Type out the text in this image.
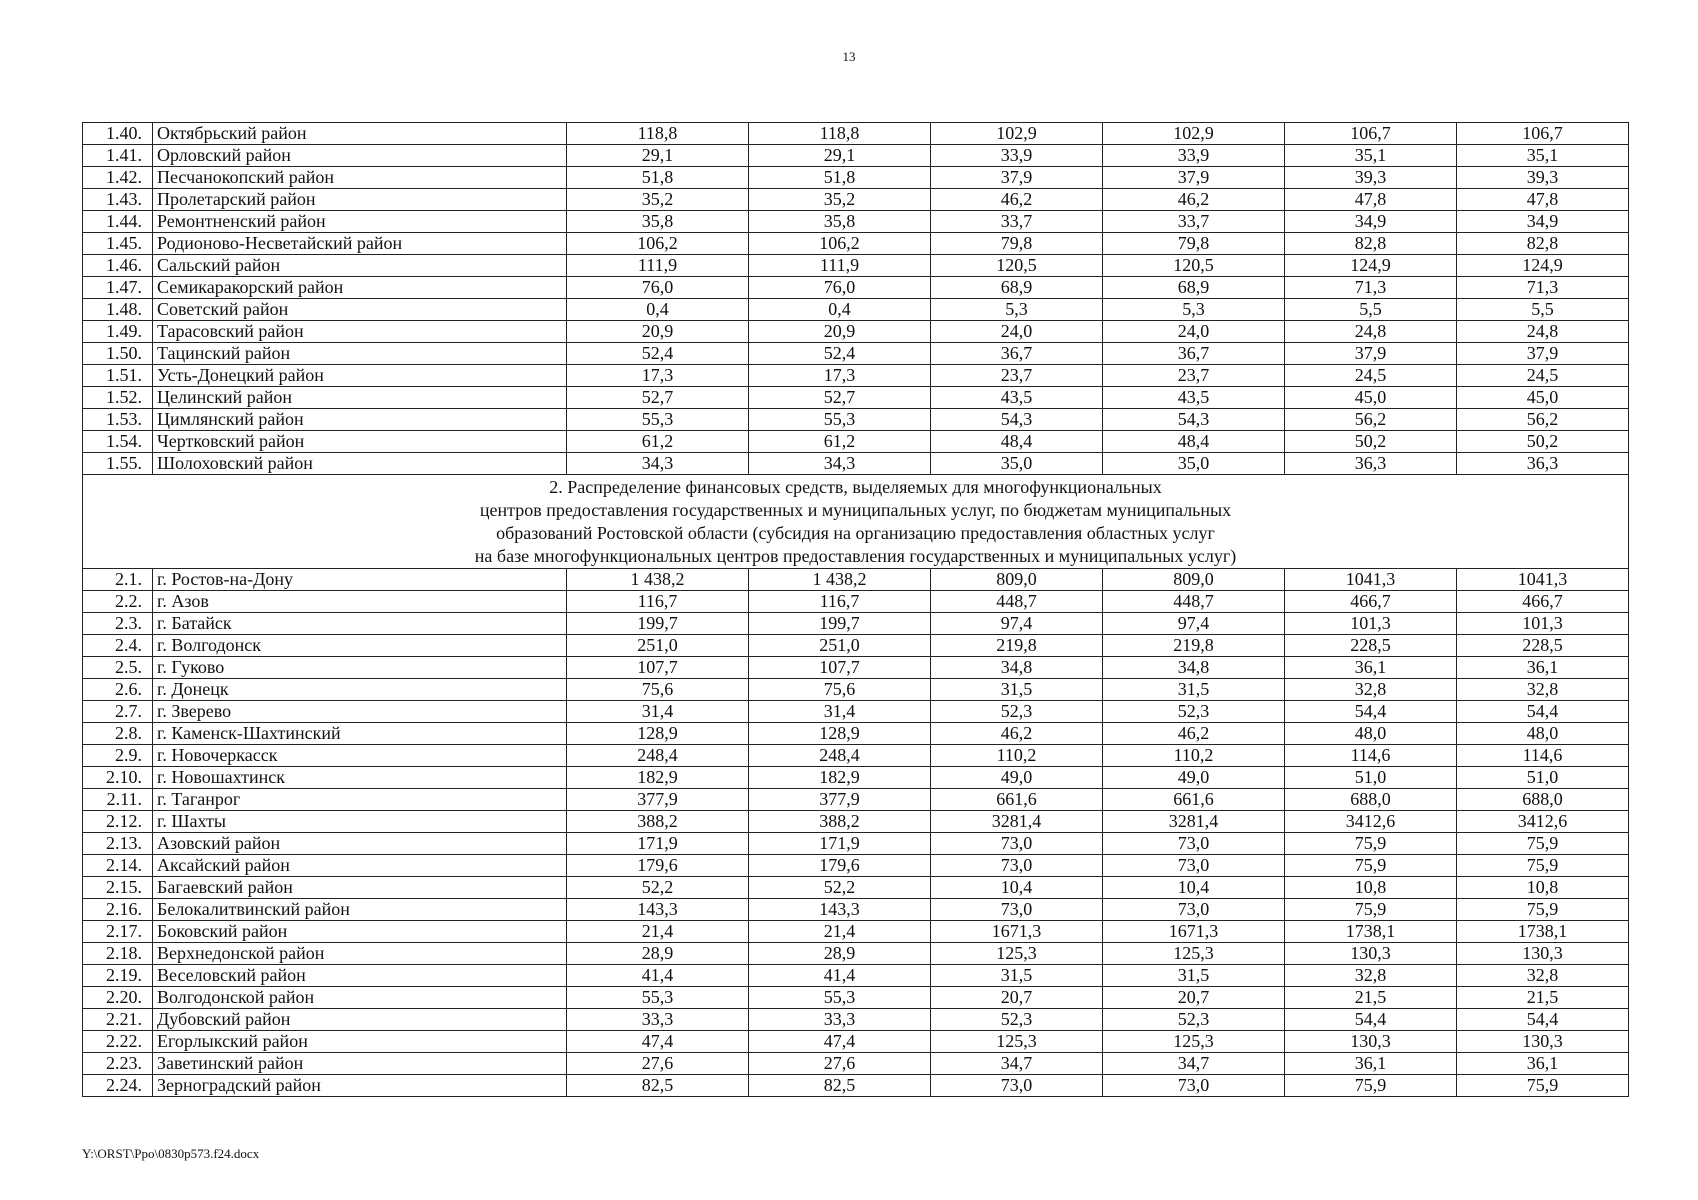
13
1.40.	Октябрьский район	118,8	118,8	102,9	102,9	106,7	106,7
1.41.	Орловский район	29,1	29,1	33,9	33,9	35,1	35,1
1.42.	Песчанокопский район	51,8	51,8	37,9	37,9	39,3	39,3
1.43.	Пролетарский район	35,2	35,2	46,2	46,2	47,8	47,8
1.44.	Ремонтненский район	35,8	35,8	33,7	33,7	34,9	34,9
1.45.	Родионово-Несветайский район	106,2	106,2	79,8	79,8	82,8	82,8
1.46.	Сальский район	111,9	111,9	120,5	120,5	124,9	124,9
1.47.	Семикаракорский район	76,0	76,0	68,9	68,9	71,3	71,3
1.48.	Советский район	0,4	0,4	5,3	5,3	5,5	5,5
1.49.	Тарасовский район	20,9	20,9	24,0	24,0	24,8	24,8
1.50.	Тацинский район	52,4	52,4	36,7	36,7	37,9	37,9
1.51.	Усть-Донецкий район	17,3	17,3	23,7	23,7	24,5	24,5
1.52.	Целинский район	52,7	52,7	43,5	43,5	45,0	45,0
1.53.	Цимлянский район	55,3	55,3	54,3	54,3	56,2	56,2
1.54.	Чертковский район	61,2	61,2	48,4	48,4	50,2	50,2
1.55.	Шолоховский район	34,3	34,3	35,0	35,0	36,3	36,3

2. Распределение финансовых средств, выделяемых для многофункциональных
центров предоставления государственных и муниципальных услуг, по бюджетам муниципальных
образований Ростовской области (субсидия на организацию предоставления областных услуг
на базе многофункциональных центров предоставления государственных и муниципальных услуг)							

2.1.	г. Ростов-на-Дону	1 438,2	1 438,2	809,0	809,0	1041,3	1041,3
2.2.	г. Азов	116,7	116,7	448,7	448,7	466,7	466,7
2.3.	г. Батайск	199,7	199,7	97,4	97,4	101,3	101,3
2.4.	г. Волгодонск	251,0	251,0	219,8	219,8	228,5	228,5
2.5.	г. Гуково	107,7	107,7	34,8	34,8	36,1	36,1
2.6.	г. Донецк	75,6	75,6	31,5	31,5	32,8	32,8
2.7.	г. Зверево	31,4	31,4	52,3	52,3	54,4	54,4
2.8.	г. Каменск-Шахтинский	128,9	128,9	46,2	46,2	48,0	48,0
2.9.	г. Новочеркасск	248,4	248,4	110,2	110,2	114,6	114,6
2.10.	г. Новошахтинск	182,9	182,9	49,0	49,0	51,0	51,0
2.11.	г. Таганрог	377,9	377,9	661,6	661,6	688,0	688,0
2.12.	г. Шахты	388,2	388,2	3281,4	3281,4	3412,6	3412,6
2.13.	Азовский район	171,9	171,9	73,0	73,0	75,9	75,9
2.14.	Аксайский район	179,6	179,6	73,0	73,0	75,9	75,9
2.15.	Багаевский район	52,2	52,2	10,4	10,4	10,8	10,8
2.16.	Белокалитвинский район	143,3	143,3	73,0	73,0	75,9	75,9
2.17.	Боковский район	21,4	21,4	1671,3	1671,3	1738,1	1738,1
2.18.	Верхнедонской район	28,9	28,9	125,3	125,3	130,3	130,3
2.19.	Веселовский район	41,4	41,4	31,5	31,5	32,8	32,8
2.20.	Волгодонской район	55,3	55,3	20,7	20,7	21,5	21,5
2.21.	Дубовский район	33,3	33,3	52,3	52,3	54,4	54,4
2.22.	Егорлыкский район	47,4	47,4	125,3	125,3	130,3	130,3
2.23.	Заветинский район	27,6	27,6	34,7	34,7	36,1	36,1
2.24.	Зерноградский район	82,5	82,5	73,0	73,0	75,9	75,9
Y:\ORST\Ppo\0830p573.f24.docx
